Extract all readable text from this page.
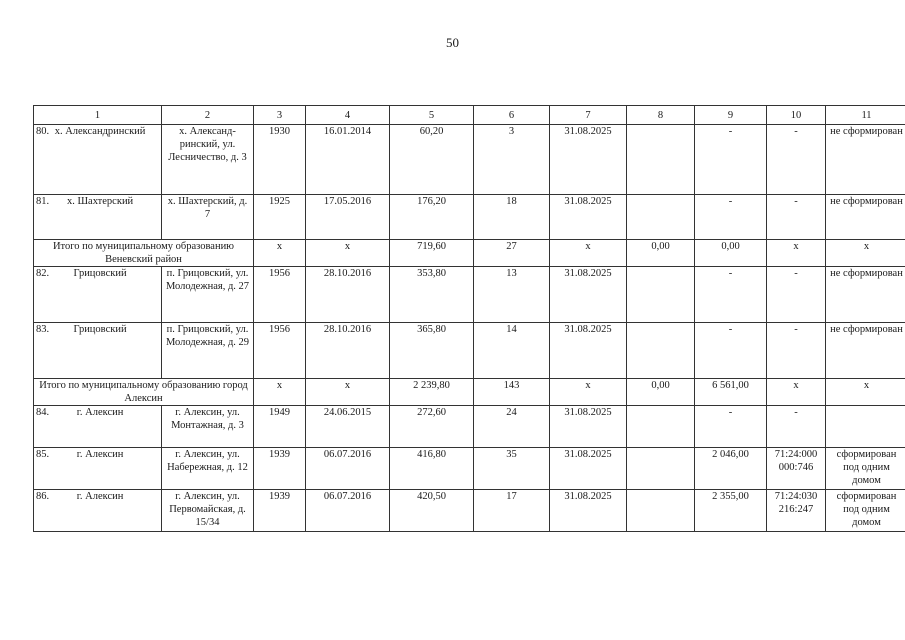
50
1	2	3	4	5	6	7	8	9	10	11

80. х. Александринский	х. Александ-ринский, ул. Лесничество, д. 3	1930	16.01.2014	60,20	3	31.08.2025		-	-	не сформирован

81. х. Шахтерский	х. Шахтерский, д. 7	1925	17.05.2016	176,20	18	31.08.2025		-	-	не сформирован
Итого по муниципальному образованию Веневский район		х	х	719,60	27	х	0,00	0,00	х	х

82. Грицовский	п. Грицовский, ул. Молодежная, д. 27	1956	28.10.2016	353,80	13	31.08.2025		-	-	не сформирован

83. Грицовский	п. Грицовский, ул. Молодежная, д. 29	1956	28.10.2016	365,80	14	31.08.2025		-	-	не сформирован
Итого по муниципальному образованию город Алексин		х	х	2 239,80	143	х	0,00	6 561,00	х	х

84. г. Алексин	г. Алексин, ул. Монтажная, д. 3	1949	24.06.2015	272,60	24	31.08.2025		-	-	

85. г. Алексин	г. Алексин, ул. Набережная, д. 12	1939	06.07.2016	416,80	35	31.08.2025		2 046,00	71:24:000 000:746	сформирован под одним домом

86. г. Алексин	г. Алексин, ул. Первомайская, д. 15/34	1939	06.07.2016	420,50	17	31.08.2025		2 355,00	71:24:030 216:247	сформирован под одним домом
